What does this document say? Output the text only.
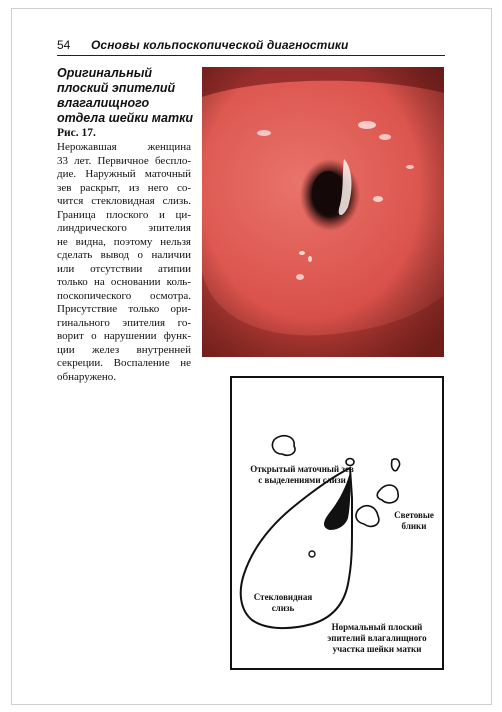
54 Основы кольпоскопической диагностики
Оригинальный
плоский эпителий
влагалищного
отдела шейки матки
Рис. 17.
Нерожавшая женщина
33 лет. Первичное беспло-
дие. Наружный маточный
зев раскрыт, из него со-
чится стекловидная слизь.
Граница плоского и ци-
линдрического эпителия
не видна, поэтому нельзя
сделать вывод о наличии
или отсутствии атипии
только на основании коль-
поскопического осмотра.
Присутствие только ори-
гинального эпителия го-
ворит о нарушении функ-
ции желез внутренней
секреции. Воспаление не
обнаружено.
Открытый маточный зев
с выделениями слизи
Световые
блики
Стекловидная
слизь
Нормальный плоский
эпителий влагалищного
участка шейки матки
